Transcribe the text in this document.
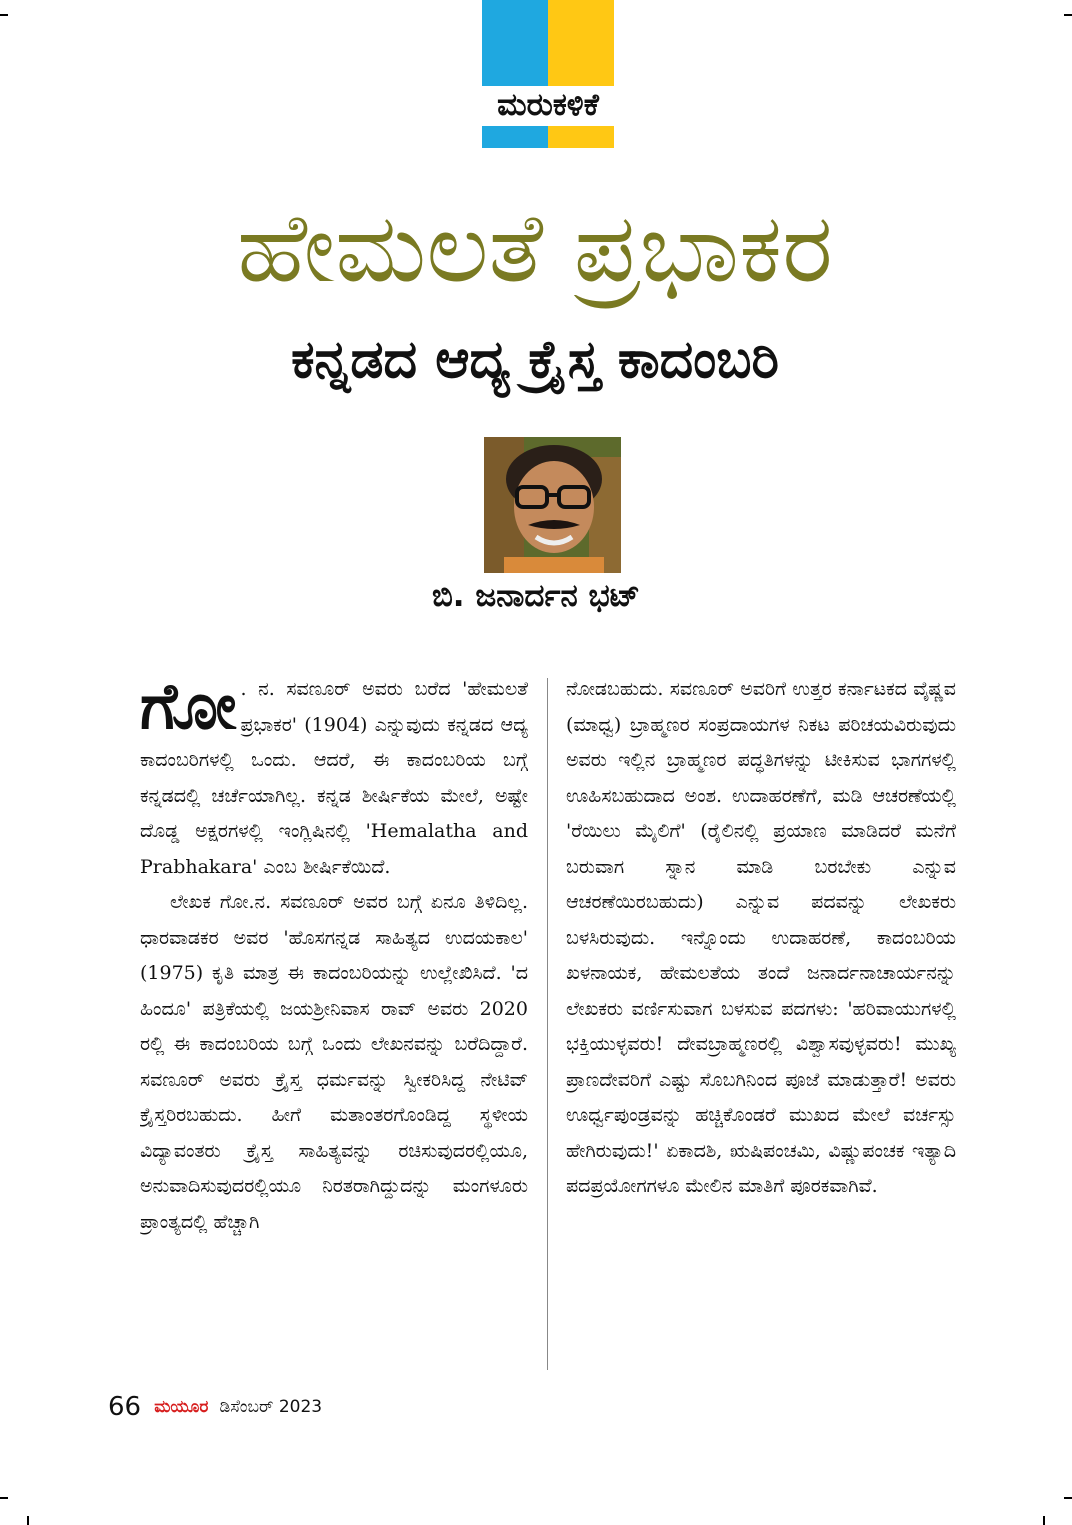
ಮರುಕಳಿಕೆ
ಹೇಮಲತೆ ಪ್ರಭಾಕರ
ಕನ್ನಡದ ಆದ್ಯ ಕ್ರೈಸ್ತ ಕಾದಂಬರಿ
ಬಿ. ಜನಾರ್ದನ ಭಟ್

ಗೋ . ನ. ಸವಣೂರ್ ಅವರು ಬರೆದ 'ಹೇಮಲತೆ ಪ್ರಭಾಕರ' (1904) ಎನ್ನುವುದು ಕನ್ನಡದ ಆದ್ಯ ಕಾದಂಬರಿಗಳಲ್ಲಿ ಒಂದು. ಆದರೆ, ಈ ಕಾದಂಬರಿಯ ಬಗ್ಗೆ ಕನ್ನಡದಲ್ಲಿ ಚರ್ಚೆಯಾಗಿಲ್ಲ. ಕನ್ನಡ ಶೀರ್ಷಿಕೆಯ ಮೇಲೆ, ಅಷ್ಟೇ ದೊಡ್ಡ ಅಕ್ಷರಗಳಲ್ಲಿ ಇಂಗ್ಲಿಷಿನಲ್ಲಿ 'Hemalatha and Prabhakara' ಎಂಬ ಶೀರ್ಷಿಕೆಯಿದೆ.

ಲೇಖಕ ಗೋ.ನ. ಸವಣೂರ್ ಅವರ ಬಗ್ಗೆ ಏನೂ ತಿಳಿದಿಲ್ಲ. ಧಾರವಾಡಕರ ಅವರ 'ಹೊಸಗನ್ನಡ ಸಾಹಿತ್ಯದ ಉದಯಕಾಲ' (1975) ಕೃತಿ ಮಾತ್ರ ಈ ಕಾದಂಬರಿಯನ್ನು ಉಲ್ಲೇಖಿಸಿದೆ. 'ದ ಹಿಂದೂ' ಪತ್ರಿಕೆಯಲ್ಲಿ ಜಯಶ್ರೀನಿವಾಸ ರಾವ್ ಅವರು 2020 ರಲ್ಲಿ ಈ ಕಾದಂಬರಿಯ ಬಗ್ಗೆ ಒಂದು ಲೇಖನವನ್ನು ಬರೆದಿದ್ದಾರೆ. ಸವಣೂರ್ ಅವರು ಕ್ರೈಸ್ತ ಧರ್ಮವನ್ನು ಸ್ವೀಕರಿಸಿದ್ದ ನೇಟಿವ್ ಕ್ರೈಸ್ತರಿರಬಹುದು. ಹೀಗೆ ಮತಾಂತರಗೊಂಡಿದ್ದ ಸ್ಥಳೀಯ ವಿದ್ಯಾವಂತರು ಕ್ರೈಸ್ತ ಸಾಹಿತ್ಯವನ್ನು ರಚಿಸುವುದರಲ್ಲಿಯೂ, ಅನುವಾದಿಸುವುದರಲ್ಲಿಯೂ ನಿರತರಾಗಿದ್ದುದನ್ನು ಮಂಗಳೂರು ಪ್ರಾಂತ್ಯದಲ್ಲಿ ಹೆಚ್ಚಾಗಿ

ನೋಡಬಹುದು. ಸವಣೂರ್ ಅವರಿಗೆ ಉತ್ತರ ಕರ್ನಾಟಕದ ವೈಷ್ಣವ (ಮಾಧ್ವ) ಬ್ರಾಹ್ಮಣರ ಸಂಪ್ರದಾಯಗಳ ನಿಕಟ ಪರಿಚಯವಿರುವುದು ಅವರು ಇಲ್ಲಿನ ಬ್ರಾಹ್ಮಣರ ಪದ್ಧತಿಗಳನ್ನು ಟೀಕಿಸುವ ಭಾಗಗಳಲ್ಲಿ ಊಹಿಸಬಹುದಾದ ಅಂಶ. ಉದಾಹರಣೆಗೆ, ಮಡಿ ಆಚರಣೆಯಲ್ಲಿ 'ರೆಯಿಲು ಮೈಲಿಗೆ' (ರೈಲಿನಲ್ಲಿ ಪ್ರಯಾಣ ಮಾಡಿದರೆ ಮನೆಗೆ ಬರುವಾಗ ಸ್ನಾನ ಮಾಡಿ ಬರಬೇಕು ಎನ್ನುವ ಆಚರಣೆಯಿರಬಹುದು) ಎನ್ನುವ ಪದವನ್ನು ಲೇಖಕರು ಬಳಸಿರುವುದು. ಇನ್ನೊಂದು ಉದಾಹರಣೆ, ಕಾದಂಬರಿಯ ಖಳನಾಯಕ, ಹೇಮಲತೆಯ ತಂದೆ ಜನಾರ್ದನಾಚಾರ್ಯನನ್ನು ಲೇಖಕರು ವರ್ಣಿಸುವಾಗ ಬಳಸುವ ಪದಗಳು: 'ಹರಿವಾಯುಗಳಲ್ಲಿ ಭಕ್ತಿಯುಳ್ಳವರು! ದೇವಬ್ರಾಹ್ಮಣರಲ್ಲಿ ವಿಶ್ವಾಸವುಳ್ಳವರು! ಮುಖ್ಯ ಪ್ರಾಣದೇವರಿಗೆ ಎಷ್ಟು ಸೊಬಗಿನಿಂದ ಪೂಜೆ ಮಾಡುತ್ತಾರೆ! ಅವರು ಊರ್ಧ್ವಪುಂಡ್ರವನ್ನು ಹಚ್ಚಿಕೊಂಡರೆ ಮುಖದ ಮೇಲೆ ವರ್ಚಸ್ಸು ಹೇಗಿರುವುದು!' ಏಕಾದಶಿ, ಋಷಿಪಂಚಮಿ, ವಿಷ್ಣುಪಂಚಕ ಇತ್ಯಾದಿ ಪದಪ್ರಯೋಗಗಳೂ ಮೇಲಿನ ಮಾತಿಗೆ ಪೂರಕವಾಗಿವೆ.

66 ಮಯೂರ ಡಿಸೆಂಬರ್ 2023
